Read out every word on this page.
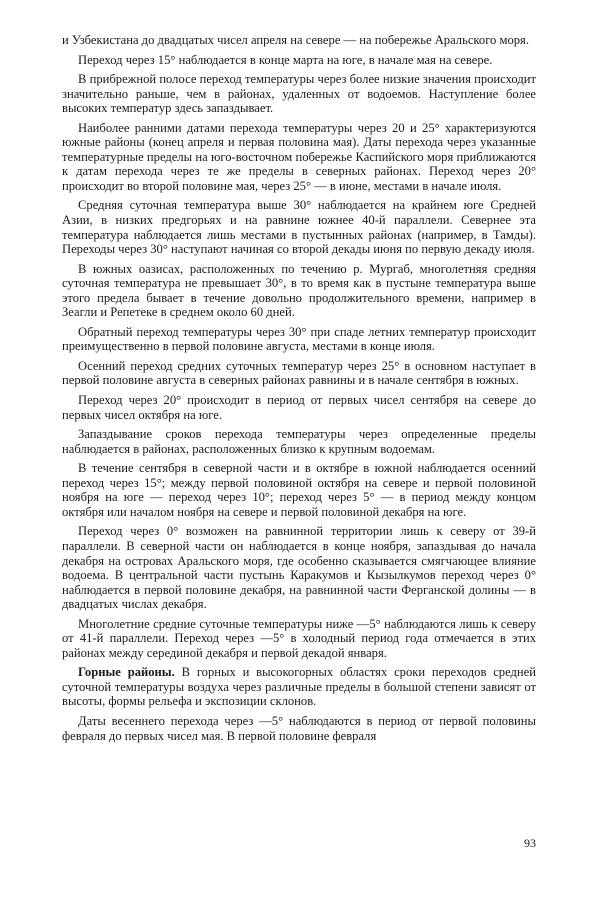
и Узбекистана до двадцатых чисел апреля на севере — на побережье Аральского моря.

Переход через 15° наблюдается в конце марта на юге, в начале мая на севере.

В прибрежной полосе переход температуры через более низкие значения происходит значительно раньше, чем в районах, удаленных от водоемов. Наступление более высоких температур здесь запаздывает.

Наиболее ранними датами перехода температуры через 20 и 25° характеризуются южные районы (конец апреля и первая половина мая). Даты перехода через указанные температурные пределы на юго-восточном побережье Каспийского моря приближаются к датам перехода через те же пределы в северных районах. Переход через 20° происходит во второй половине мая, через 25° — в июне, местами в начале июля.

Средняя суточная температура выше 30° наблюдается на крайнем юге Средней Азии, в низких предгорьях и на равнине южнее 40-й параллели. Севернее эта температура наблюдается лишь местами в пустынных районах (например, в Тамды). Переходы через 30° наступают начиная со второй декады июня по первую декаду июля.

В южных оазисах, расположенных по течению р. Мургаб, многолетняя средняя суточная температура не превышает 30°, в то время как в пустыне температура выше этого предела бывает в течение довольно продолжительного времени, например в Зеагли и Репетеке в среднем около 60 дней.

Обратный переход температуры через 30° при спаде летних температур происходит преимущественно в первой половине августа, местами в конце июля.

Осенний переход средних суточных температур через 25° в основном наступает в первой половине августа в северных районах равнины и в начале сентября в южных.

Переход через 20° происходит в период от первых чисел сентября на севере до первых чисел октября на юге.

Запаздывание сроков перехода температуры через определенные пределы наблюдается в районах, расположенных близко к крупным водоемам.

В течение сентября в северной части и в октябре в южной наблюдается осенний переход через 15°; между первой половиной октября на севере и первой половиной ноября на юге — переход через 10°; переход через 5° — в период между концом октября или началом ноября на севере и первой половиной декабря на юге.

Переход через 0° возможен на равнинной территории лишь к северу от 39-й параллели. В северной части он наблюдается в конце ноября, запаздывая до начала декабря на островах Аральского моря, где особенно сказывается смягчающее влияние водоема. В центральной части пустынь Каракумов и Кызылкумов переход через 0° наблюдается в первой половине декабря, на равнинной части Ферганской долины — в двадцатых числах декабря.

Многолетние средние суточные температуры ниже —5° наблюдаются лишь к северу от 41-й параллели. Переход через —5° в холодный период года отмечается в этих районах между серединой декабря и первой декадой января.

Горные районы. В горных и высокогорных областях сроки переходов средней суточной температуры воздуха через различные пределы в большой степени зависят от высоты, формы рельефа и экспозиции склонов.

Даты весеннего перехода через —5° наблюдаются в период от первой половины февраля до первых чисел мая. В первой половине февраля

93
